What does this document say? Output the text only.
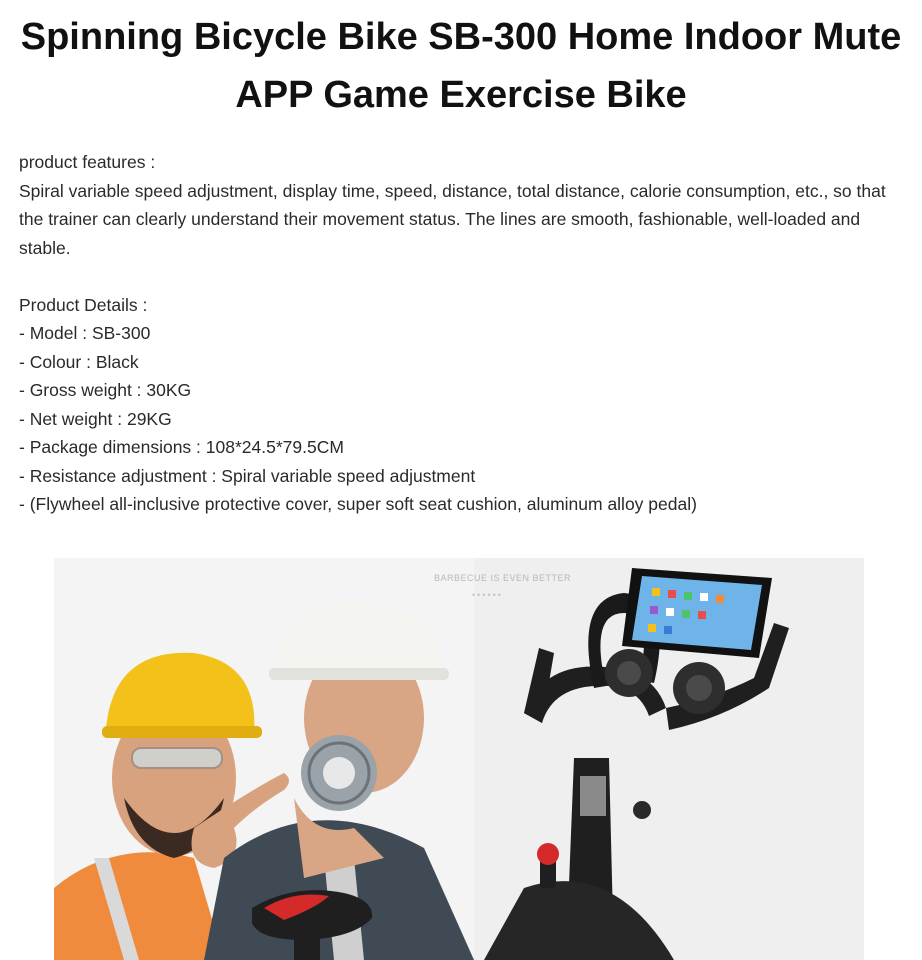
Spinning Bicycle Bike SB-300 Home Indoor Mute APP Game Exercise Bike

product features :

Spiral variable speed adjustment, display time, speed, distance, total distance, calorie consumption, etc., so that the trainer can clearly understand their movement status. The lines are smooth, fashionable, well-loaded and stable.

Product Details :

- Model : SB-300

- Colour : Black

- Gross weight : 30KG

- Net weight : 29KG

- Package dimensions : 108*24.5*79.5CM

- Resistance adjustment : Spiral variable speed adjustment

- (Flywheel all-inclusive protective cover, super soft seat cushion, aluminum alloy pedal)

BARBECUE IS EVEN BETTER
••••••
